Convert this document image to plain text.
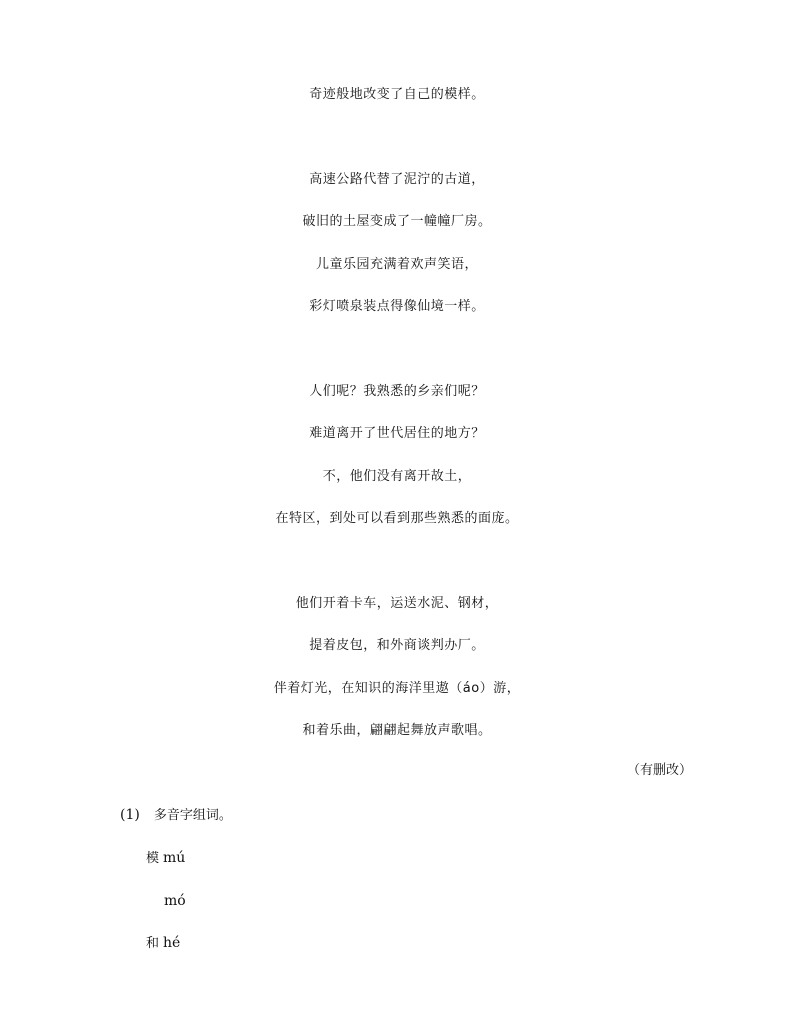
奇迹般地改变了自己的模样。
高速公路代替了泥泞的古道，
破旧的土屋变成了一幢幢厂房。
儿童乐园充满着欢声笑语，
彩灯喷泉装点得像仙境一样。
人们呢？我熟悉的乡亲们呢？
难道离开了世代居住的地方？
不，他们没有离开故土，
在特区，到处可以看到那些熟悉的面庞。
他们开着卡车，运送水泥、钢材，
提着皮包，和外商谈判办厂。
伴着灯光，在知识的海洋里遨（áo）游，
和着乐曲，翩翩起舞放声歌唱。
（有删改）
(1) 多音字组词。
模 mú
mó
和 hé
